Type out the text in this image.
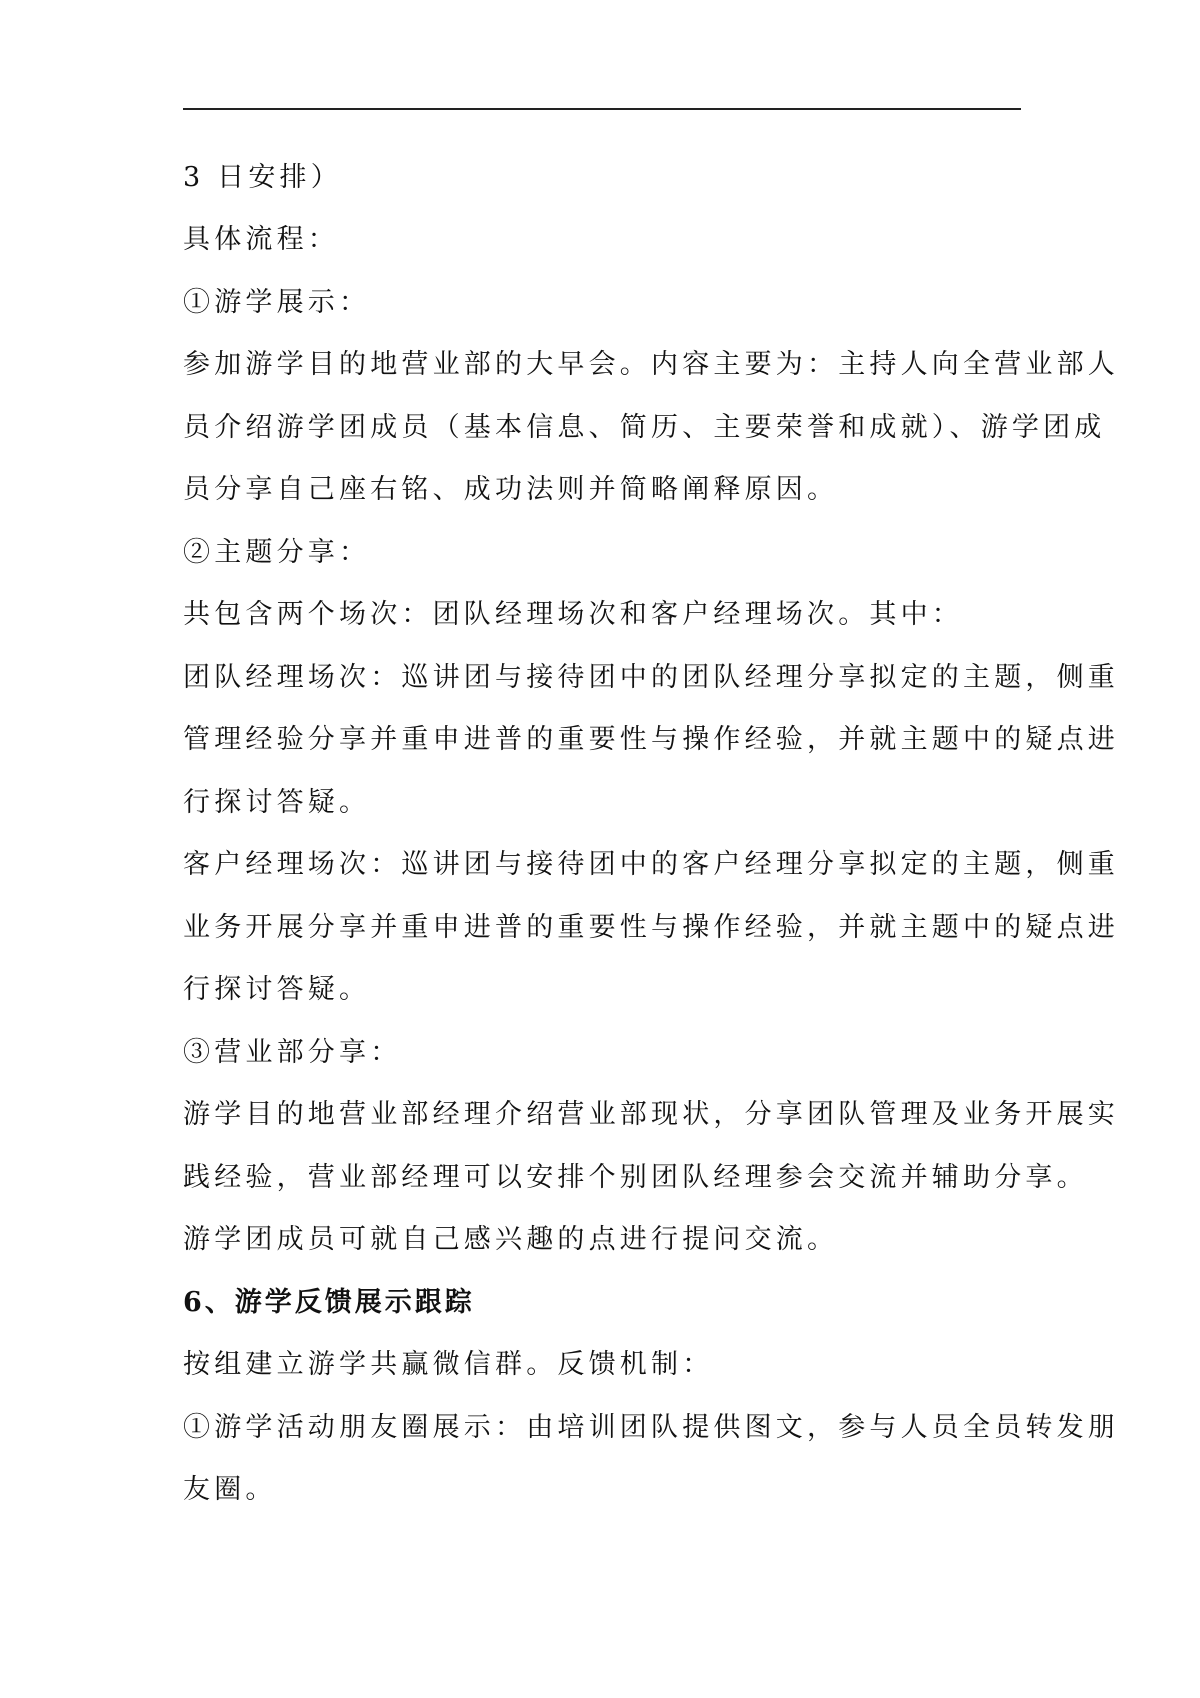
3 日安排）
具体流程：
①游学展示：
参加游学目的地营业部的大早会。内容主要为：主持人向全营业部人
员介绍游学团成员（基本信息、简历、主要荣誉和成就）、游学团成
员分享自己座右铭、成功法则并简略阐释原因。
②主题分享：
共包含两个场次：团队经理场次和客户经理场次。其中：
团队经理场次：巡讲团与接待团中的团队经理分享拟定的主题，侧重
管理经验分享并重申进普的重要性与操作经验，并就主题中的疑点进
行探讨答疑。
客户经理场次：巡讲团与接待团中的客户经理分享拟定的主题，侧重
业务开展分享并重申进普的重要性与操作经验，并就主题中的疑点进
行探讨答疑。
③营业部分享：
游学目的地营业部经理介绍营业部现状，分享团队管理及业务开展实
践经验，营业部经理可以安排个别团队经理参会交流并辅助分享。
游学团成员可就自己感兴趣的点进行提问交流。
6、游学反馈展示跟踪
按组建立游学共赢微信群。反馈机制：
①游学活动朋友圈展示：由培训团队提供图文，参与人员全员转发朋
友圈。
